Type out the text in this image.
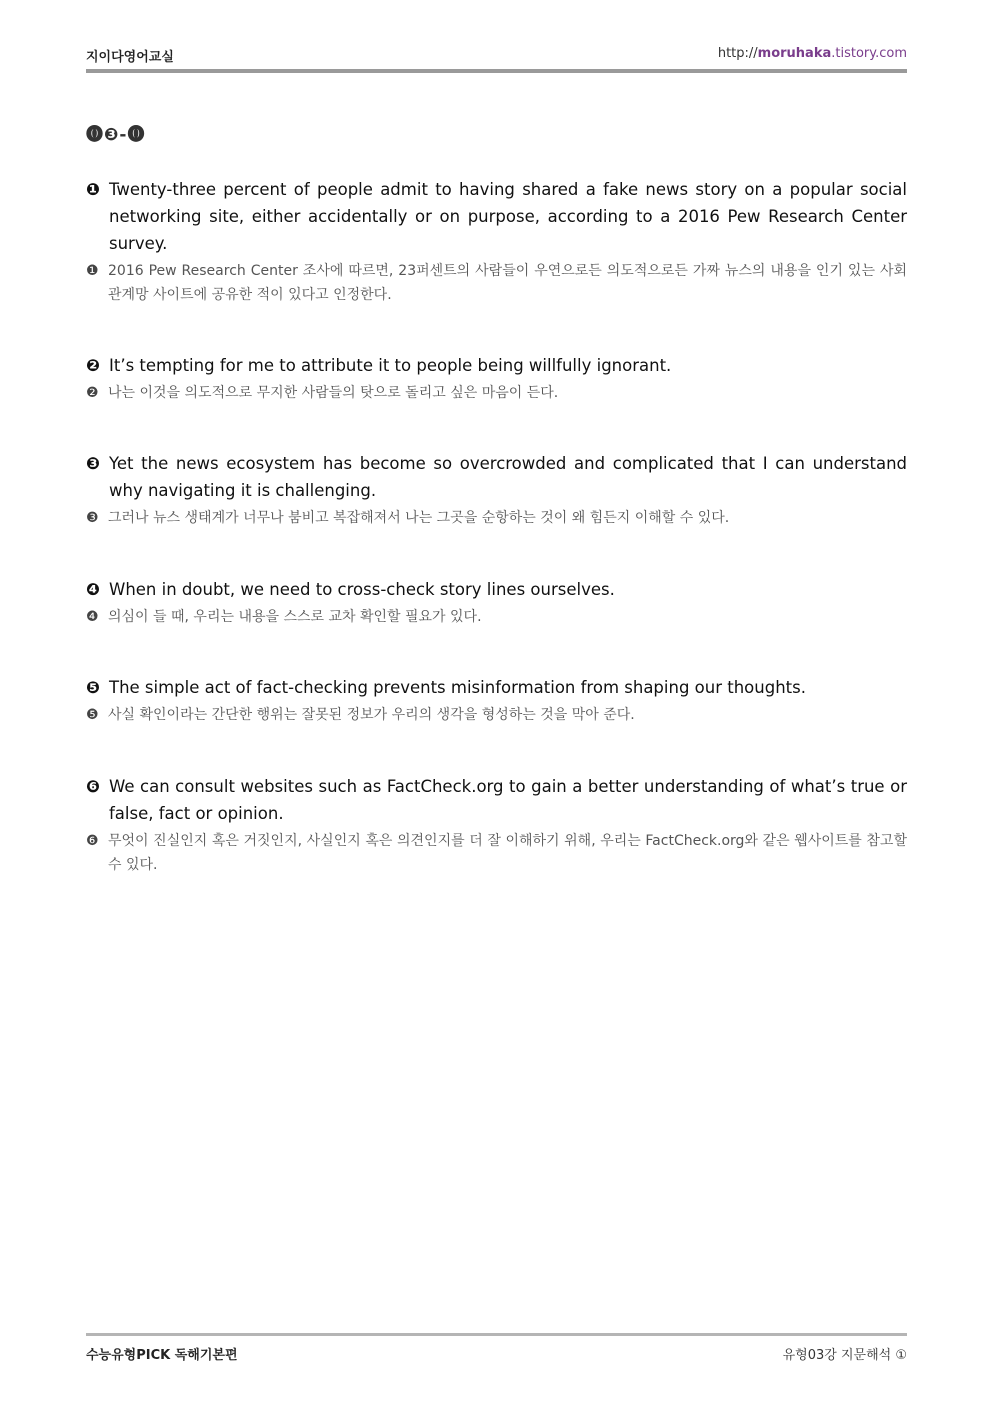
지이다영어교실	http://moruhaka.tistory.com
⓿❸-⓿
❶ Twenty-three percent of people admit to having shared a fake news story on a popular social networking site, either accidentally or on purpose, according to a 2016 Pew Research Center survey.
❶ 2016 Pew Research Center 조사에 따르면, 23퍼센트의 사람들이 우연으로든 의도적으로든 가짜 뉴스의 내용을 인기 있는 사회관계망 사이트에 공유한 적이 있다고 인정한다.
❷ It’s tempting for me to attribute it to people being willfully ignorant.
❷ 나는 이것을 의도적으로 무지한 사람들의 탓으로 돌리고 싶은 마음이 든다.
❸ Yet the news ecosystem has become so overcrowded and complicated that I can understand why navigating it is challenging.
❸ 그러나 뉴스 생태계가 너무나 붐비고 복잡해져서 나는 그곳을 순항하는 것이 왜 힘든지 이해할 수 있다.
❹ When in doubt, we need to cross-check story lines ourselves.
❹ 의심이 들 때, 우리는 내용을 스스로 교차 확인할 필요가 있다.
❺ The simple act of fact-checking prevents misinformation from shaping our thoughts.
❺ 사실 확인이라는 간단한 행위는 잘못된 정보가 우리의 생각을 형성하는 것을 막아 준다.
❻ We can consult websites such as FactCheck.org to gain a better understanding of what’s true or false, fact or opinion.
❻ 무엇이 진실인지 혹은 거짓인지, 사실인지 혹은 의견인지를 더 잘 이해하기 위해, 우리는 FactCheck.org와 같은 웹사이트를 참고할 수 있다.
수능유형PICK 독해기본편	유형03강 지문해석 ①
